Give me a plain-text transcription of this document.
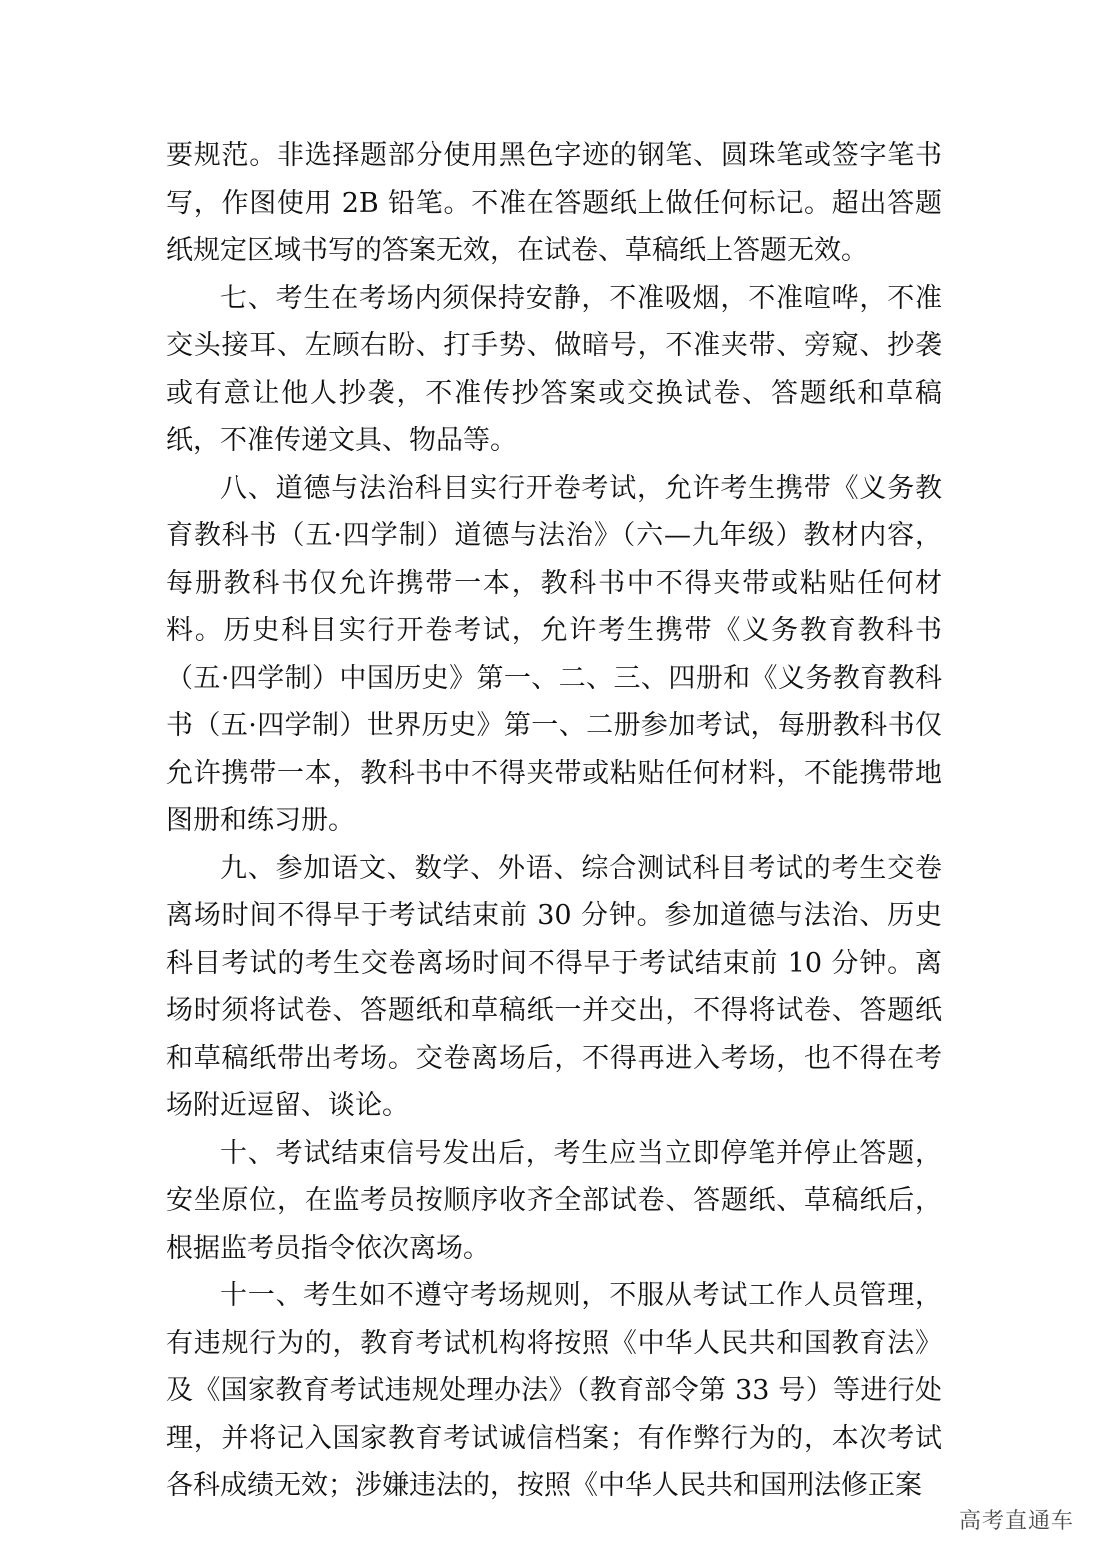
要规范。非选择题部分使用黑色字迹的钢笔、圆珠笔或签字笔书写，作图使用 2B 铅笔。不准在答题纸上做任何标记。超出答题纸规定区域书写的答案无效，在试卷、草稿纸上答题无效。

七、考生在考场内须保持安静，不准吸烟，不准喧哗，不准交头接耳、左顾右盼、打手势、做暗号，不准夹带、旁窥、抄袭或有意让他人抄袭，不准传抄答案或交换试卷、答题纸和草稿纸，不准传递文具、物品等。

八、道德与法治科目实行开卷考试，允许考生携带《义务教育教科书（五·四学制）道德与法治》（六—九年级）教材内容，每册教科书仅允许携带一本，教科书中不得夹带或粘贴任何材料。历史科目实行开卷考试，允许考生携带《义务教育教科书（五·四学制）中国历史》第一、二、三、四册和《义务教育教科书（五·四学制）世界历史》第一、二册参加考试，每册教科书仅允许携带一本，教科书中不得夹带或粘贴任何材料，不能携带地图册和练习册。

九、参加语文、数学、外语、综合测试科目考试的考生交卷离场时间不得早于考试结束前 30 分钟。参加道德与法治、历史科目考试的考生交卷离场时间不得早于考试结束前 10 分钟。离场时须将试卷、答题纸和草稿纸一并交出，不得将试卷、答题纸和草稿纸带出考场。交卷离场后，不得再进入考场，也不得在考场附近逗留、谈论。

十、考试结束信号发出后，考生应当立即停笔并停止答题，安坐原位，在监考员按顺序收齐全部试卷、答题纸、草稿纸后，根据监考员指令依次离场。

十一、考生如不遵守考场规则，不服从考试工作人员管理，有违规行为的，教育考试机构将按照《中华人民共和国教育法》及《国家教育考试违规处理办法》（教育部令第 33 号）等进行处理，并将记入国家教育考试诚信档案；有作弊行为的，本次考试各科成绩无效；涉嫌违法的，按照《中华人民共和国刑法修正案

高考直通车
